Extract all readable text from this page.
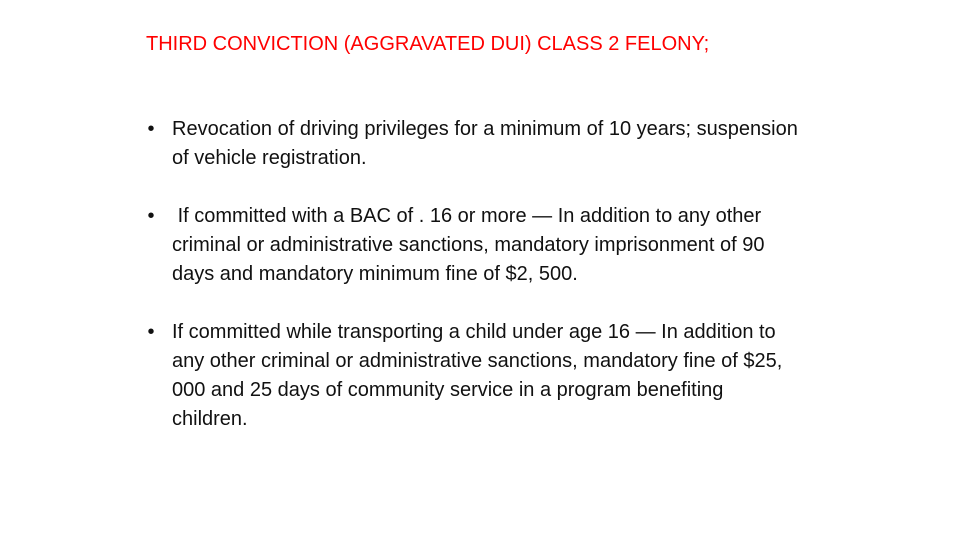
THIRD CONVICTION (AGGRAVATED DUI) CLASS 2 FELONY;
• Revocation of driving privileges for a minimum of 10 years; suspension of vehicle registration.
• If committed with a BAC of . 16 or more — In addition to any other criminal or administrative sanctions, mandatory imprisonment of 90 days and mandatory minimum fine of $2, 500.
• If committed while transporting a child under age 16 — In addition to any other criminal or administrative sanctions, mandatory fine of $25, 000 and 25 days of community service in a program benefiting children.
